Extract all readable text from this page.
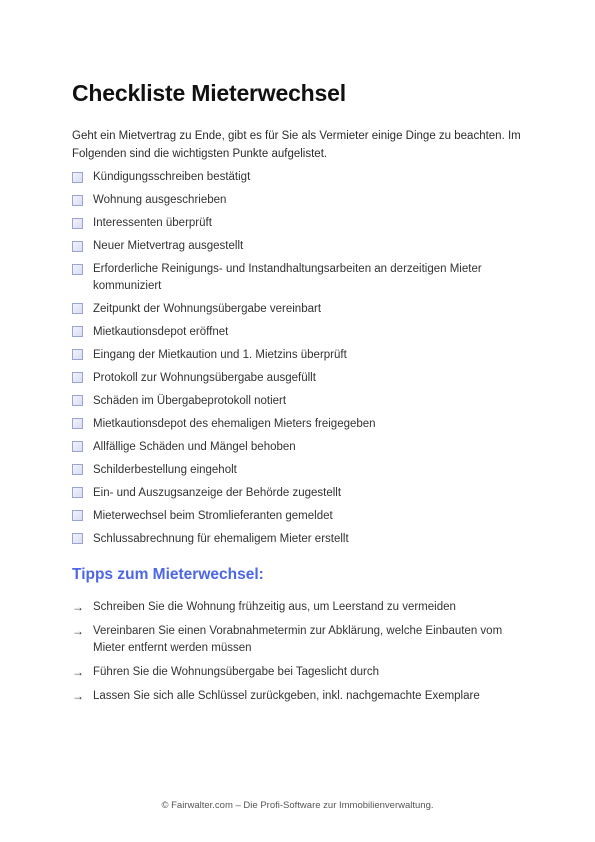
Checkliste Mieterwechsel

Geht ein Mietvertrag zu Ende, gibt es für Sie als Vermieter einige Dinge zu beachten. Im Folgenden sind die wichtigsten Punkte aufgelistet.

Kündigungsschreiben bestätigt
Wohnung ausgeschrieben
Interessenten überprüft
Neuer Mietvertrag ausgestellt
Erforderliche Reinigungs- und Instandhaltungsarbeiten an derzeitigen Mieter kommuniziert
Zeitpunkt der Wohnungsübergabe vereinbart
Mietkautionsdepot eröffnet
Eingang der Mietkaution und 1. Mietzins überprüft
Protokoll zur Wohnungsübergabe ausgefüllt
Schäden im Übergabeprotokoll notiert
Mietkautionsdepot des ehemaligen Mieters freigegeben
Allfällige Schäden und Mängel behoben
Schilderbestellung eingeholt
Ein- und Auszugsanzeige der Behörde zugestellt
Mieterwechsel beim Stromlieferanten gemeldet
Schlussabrechnung für ehemaligem Mieter erstellt
Tipps zum Mieterwechsel:
→ Schreiben Sie die Wohnung frühzeitig aus, um Leerstand zu vermeiden
→ Vereinbaren Sie einen Vorabnahmetermin zur Abklärung, welche Einbauten vom Mieter entfernt werden müssen
→ Führen Sie die Wohnungsübergabe bei Tageslicht durch
→ Lassen Sie sich alle Schlüssel zurückgeben, inkl. nachgemachte Exemplare
© Fairwalter.com – Die Profi-Software zur Immobilienverwaltung.
